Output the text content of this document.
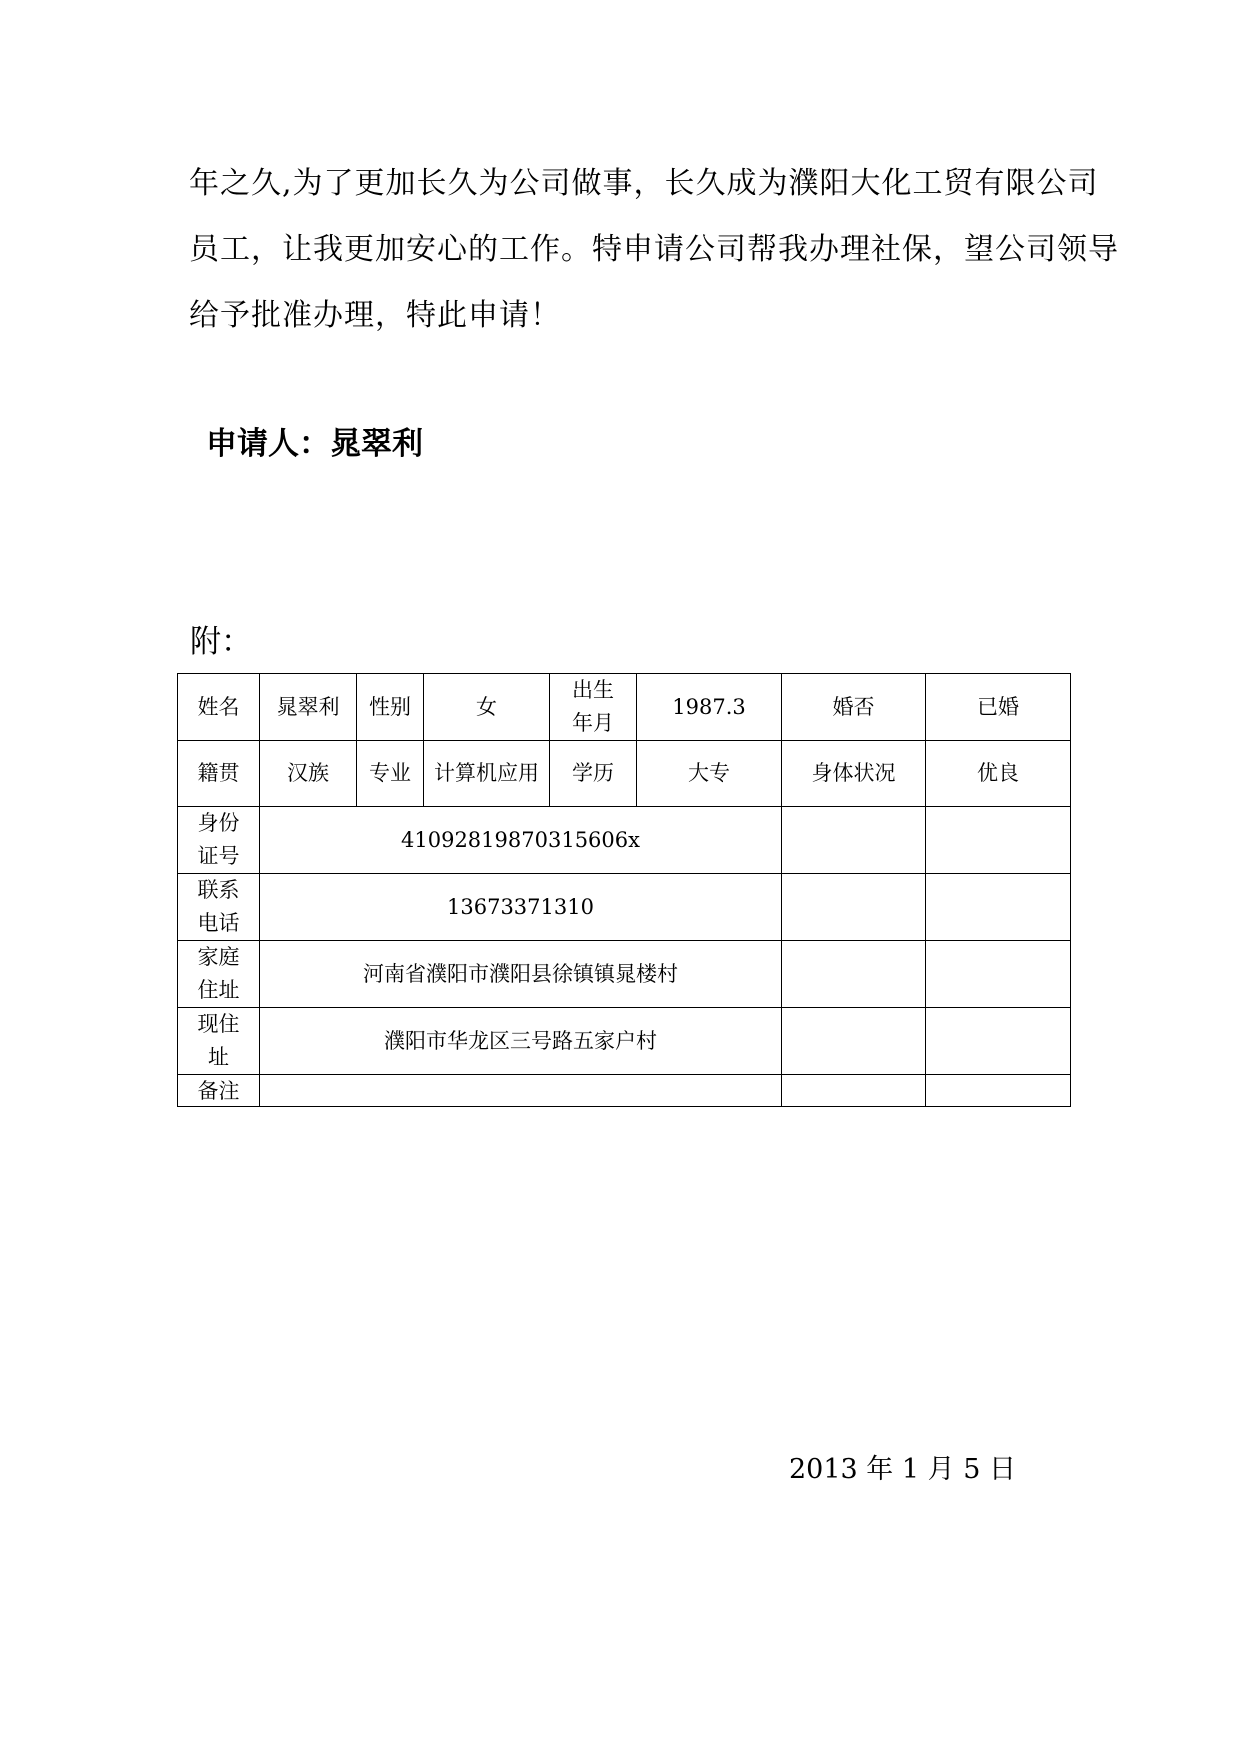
年之久,为了更加长久为公司做事，长久成为濮阳大化工贸有限公司
员工，让我更加安心的工作。特申请公司帮我办理社保，望公司领导
给予批准办理，特此申请！
申请人：晁翠利
附：
姓名	晁翠利	性别	女	出生年月	1987.3	婚否	已婚
籍贯	汉族	专业	计算机应用	学历	大专	身体状况	优良

身份证号	41092819870315606x						

联系电话	13673371310						

家庭住址	河南省濮阳市濮阳县徐镇镇晁楼村						

现住址	濮阳市华龙区三号路五家户村						
备注							
2013 年 1 月 5 日
